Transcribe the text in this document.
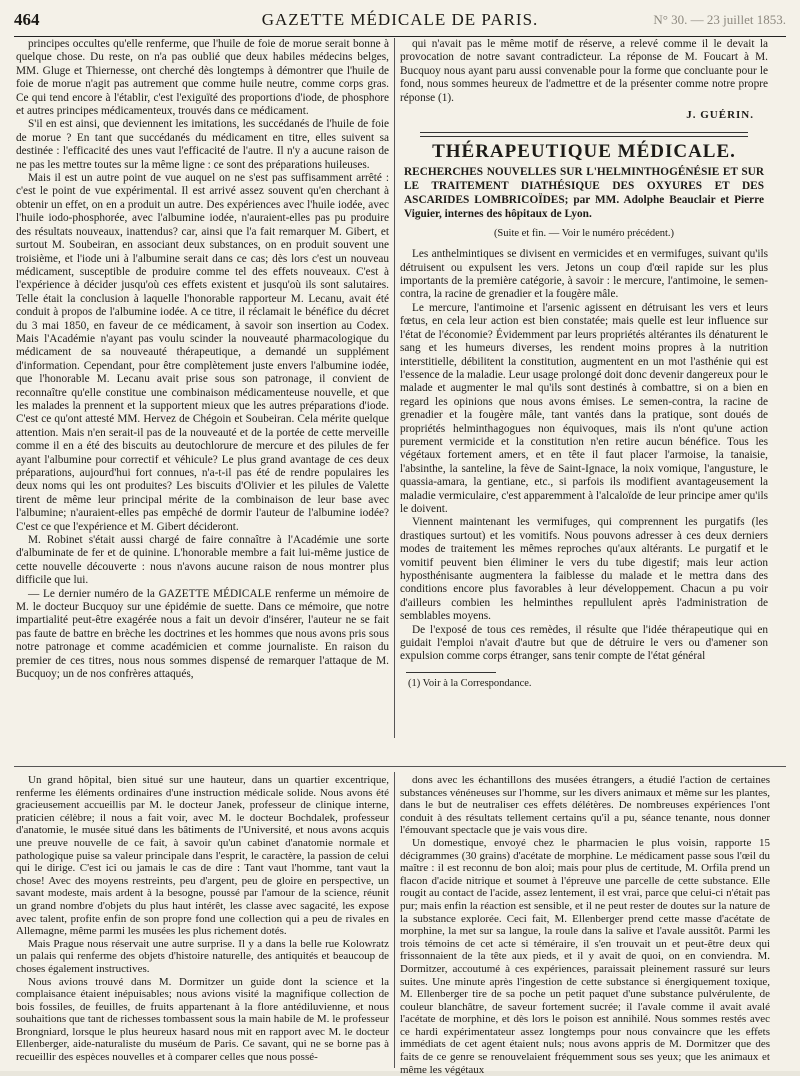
464	GAZETTE MÉDICALE DE PARIS.	N° 30. — 23 juillet 1853.

principes occultes qu'elle renferme, que l'huile de foie de morue serait bonne à quelque chose. Du reste, on n'a pas oublié que deux habiles médecins belges, MM. Gluge et Thiernesse, ont cherché dès longtemps à démontrer que l'huile de foie de morue n'agit pas autrement que comme huile neutre, comme corps gras. Ce qui tend encore à l'établir, c'est l'exiguïté des proportions d'iode, de phosphore et autres principes médicamenteux, trouvés dans ce médicament.

S'il en est ainsi, que deviennent les imitations, les succédanés de l'huile de foie de morue ? En tant que succédanés du médicament en titre, elles suivent sa destinée : l'efficacité des unes vaut l'efficacité de l'autre. Il n'y a aucune raison de ne pas les mettre toutes sur la même ligne : ce sont des préparations huileuses.

Mais il est un autre point de vue auquel on ne s'est pas suffisamment arrêté : c'est le point de vue expérimental. Il est arrivé assez souvent qu'en cherchant à obtenir un effet, on en a produit un autre. Des expériences avec l'huile iodée, avec l'huile iodo-phosphorée, avec l'albumine iodée, n'auraient-elles pas pu produire des résultats nouveaux, inattendus? car, ainsi que l'a fait remarquer M. Gibert, et surtout M. Soubeiran, en associant deux substances, on en produit souvent une troisième, et l'iode uni à l'albumine serait dans ce cas; dès lors c'est un nouveau médicament, susceptible de produire comme tel des effets nouveaux. C'est à l'expérience à décider jusqu'où ces effets existent et jusqu'où ils sont salutaires. Telle était la conclusion à laquelle l'honorable rapporteur M. Lecanu, avait été conduit à propos de l'albumine iodée. A ce titre, il réclamait le bénéfice du décret du 3 mai 1850, en faveur de ce médicament, à savoir son insertion au Codex. Mais l'Académie n'ayant pas voulu scinder la nouveauté pharmacologique du médicament de sa nouveauté thérapeutique, a demandé un supplément d'information. Cependant, pour être complètement juste envers l'albumine iodée, que l'honorable M. Lecanu avait prise sous son patronage, il convient de reconnaître qu'elle constitue une combinaison médicamenteuse nouvelle, et que les malades la prennent et la supportent mieux que les autres préparations d'iode. C'est ce qu'ont attesté MM. Hervez de Chégoin et Soubeiran. Cela mérite quelque attention. Mais n'en serait-il pas de la nouveauté et de la portée de cette merveille comme il en a été des biscuits au deutochlorure de mercure et des pilules de fer ayant l'albumine pour correctif et véhicule? Le plus grand avantage de ces deux préparations, aujourd'hui fort connues, n'a-t-il pas été de rendre populaires les deux noms qui les ont produites? Les biscuits d'Olivier et les pilules de Valette tirent de même leur principal mérite de la combinaison de leur base avec l'albumine; n'auraient-elles pas empêché de dormir l'auteur de l'albumine iodée? C'est ce que l'expérience et M. Gibert décideront.

M. Robinet s'était aussi chargé de faire connaître à l'Académie une sorte d'albuminate de fer et de quinine. L'honorable membre a fait lui-même justice de cette nouvelle découverte : nous n'avons aucune raison de nous montrer plus difficile que lui.

— Le dernier numéro de la GAZETTE MÉDICALE renferme un mémoire de M. le docteur Bucquoy sur une épidémie de suette. Dans ce mémoire, que notre impartialité peut-être exagérée nous a fait un devoir d'insérer, l'auteur ne se fait pas faute de battre en brèche les doctrines et les hommes que nous avons pris sous notre patronage et comme académicien et comme journaliste. En raison du premier de ces titres, nous nous sommes dispensé de remarquer l'attaque de M. Bucquoy; un de nos confrères attaqués,

qui n'avait pas le même motif de réserve, a relevé comme il le devait la provocation de notre savant contradicteur. La réponse de M. Foucart à M. Bucquoy nous ayant paru aussi convenable pour la forme que concluante pour le fond, nous sommes heureux de l'admettre et de la présenter comme notre propre réponse (1).

J. GUÉRIN.
THÉRAPEUTIQUE MÉDICALE.
RECHERCHES NOUVELLES SUR L'HELMINTHOGÉNÉSIE ET SUR LE TRAITEMENT DIATHÉSIQUE DES OXYURES ET DES ASCARIDES LOMBRICOÏDES; par MM. Adolphe Beauclair et Pierre Viguier, internes des hôpitaux de Lyon.
(Suite et fin. — Voir le numéro précédent.)

Les anthelmintiques se divisent en vermicides et en vermifuges, suivant qu'ils détruisent ou expulsent les vers. Jetons un coup d'œil rapide sur les plus importants de la première catégorie, à savoir : le mercure, l'antimoine, le semen-contra, la racine de grenadier et la fougère mâle.

Le mercure, l'antimoine et l'arsenic agissent en détruisant les vers et leurs fœtus, en cela leur action est bien constatée; mais quelle est leur influence sur l'état de l'économie? Évidemment par leurs propriétés altérantes ils dénaturent le sang et les humeurs diverses, les rendent moins propres à la nutrition interstitielle, débilitent la constitution, augmentent en un mot l'asthénie qui est l'essence de la maladie. Leur usage prolongé doit donc devenir dangereux pour le malade et augmenter le mal qu'ils sont destinés à combattre, si on a bien en regard les opinions que nous avons émises. Le semen-contra, la racine de grenadier et la fougère mâle, tant vantés dans la pratique, sont doués de propriétés helminthagogues non équivoques, mais ils n'ont qu'une action purement vermicide et la constitution n'en retire aucun bénéfice. Tous les végétaux fortement amers, et en tête il faut placer l'armoise, la tanaisie, l'absinthe, la santeline, la fève de Saint-Ignace, la noix vomique, l'angusture, le quassia-amara, la gentiane, etc., si parfois ils modifient avantageusement la maladie vermiculaire, c'est apparemment à l'alcaloïde de leur principe amer qu'ils le doivent.

Viennent maintenant les vermifuges, qui comprennent les purgatifs (les drastiques surtout) et les vomitifs. Nous pouvons adresser à ces deux derniers modes de traitement les mêmes reproches qu'aux altérants. Le purgatif et le vomitif peuvent bien éliminer le vers du tube digestif; mais leur action hyposthénisante augmentera la faiblesse du malade et le mettra dans des conditions encore plus favorables à leur développement. Chacun a pu voir d'ailleurs combien les helminthes repullulent après l'administration de semblables moyens.

De l'exposé de tous ces remèdes, il résulte que l'idée thérapeutique qui en guidait l'emploi n'avait d'autre but que de détruire le vers ou d'amener son expulsion comme corps étranger, sans tenir compte de l'état général

(1) Voir à la Correspondance.

Un grand hôpital, bien situé sur une hauteur, dans un quartier excentrique, renferme les éléments ordinaires d'une instruction médicale solide. Nous avons été gracieusement accueillis par M. le docteur Janek, professeur de clinique interne, praticien célèbre; il nous a fait voir, avec M. le docteur Bochdalek, professeur d'anatomie, le musée situé dans les bâtiments de l'Université, et nous avons acquis une preuve nouvelle de ce fait, à savoir qu'un cabinet d'anatomie normale et pathologique puise sa valeur principale dans l'esprit, le caractère, la passion de celui qui le dirige. C'est ici ou jamais le cas de dire : Tant vaut l'homme, tant vaut la chose! Avec des moyens restreints, peu d'argent, peu de gloire en perspective, un savant modeste, mais ardent à la besogne, poussé par l'amour de la science, réunit un grand nombre d'objets du plus haut intérêt, les classe avec sagacité, les expose avec talent, profite enfin de son propre fond une collection qui a peu de rivales en Allemagne, même parmi les musées les plus richement dotés.

Mais Prague nous réservait une autre surprise. Il y a dans la belle rue Kolowratz un palais qui renferme des objets d'histoire naturelle, des antiquités et beaucoup de choses également instructives.

Nous avions trouvé dans M. Dormitzer un guide dont la science et la complaisance étaient inépuisables; nous avions visité la magnifique collection de bois fossiles, de feuilles, de fruits appartenant à la flore antédiluvienne, et nous souhaitions que tant de richesses tombassent sous la main habile de M. le professeur Brongniard, lorsque le plus heureux hasard nous mit en rapport avec M. le docteur Ellenberger, aide-naturaliste du muséum de Paris. Ce savant, qui ne se borne pas à recueillir des espèces nouvelles et à comparer celles que nous possé-

dons avec les échantillons des musées étrangers, a étudié l'action de certaines substances vénéneuses sur l'homme, sur les divers animaux et même sur les plantes, dans le but de neutraliser ces effets délétères. De nombreuses expériences l'ont conduit à des résultats tellement certains qu'il a pu, séance tenante, nous donner l'émouvant spectacle que je vais vous dire.

Un domestique, envoyé chez le pharmacien le plus voisin, rapporte 15 décigrammes (30 grains) d'acétate de morphine. Le médicament passe sous l'œil du maître : il est reconnu de bon aloi; mais pour plus de certitude, M. Orfila prend un flacon d'acide nitrique et soumet à l'épreuve une parcelle de cette substance. Elle rougit au contact de l'acide, assez lentement, il est vrai, parce que celui-ci n'était pas pur; mais enfin la réaction est sensible, et il ne peut rester de doutes sur la nature de la substance explorée. Ceci fait, M. Ellenberger prend cette masse d'acétate de morphine, la met sur sa langue, la roule dans la salive et l'avale aussitôt. Parmi les trois témoins de cet acte si téméraire, il s'en trouvait un et peut-être deux qui frissonnaient de la tête aux pieds, et il y avait de quoi, on en conviendra. M. Dormitzer, accoutumé à ces expériences, paraissait pleinement rassuré sur leurs suites. Une minute après l'ingestion de cette substance si énergiquement toxique, M. Ellenberger tire de sa poche un petit paquet d'une substance pulvérulente, de couleur blanchâtre, de saveur fortement sucrée; il l'avale comme il avait avalé l'acétate de morphine, et dès lors le poison est annihilé. Nous sommes restés avec ce hardi expérimentateur assez longtemps pour nous convaincre que les effets immédiats de cet agent étaient nuls; nous avons appris de M. Dormitzer que des faits de ce genre se renouvelaient fréquemment sous ses yeux; que les animaux et même les végétaux
